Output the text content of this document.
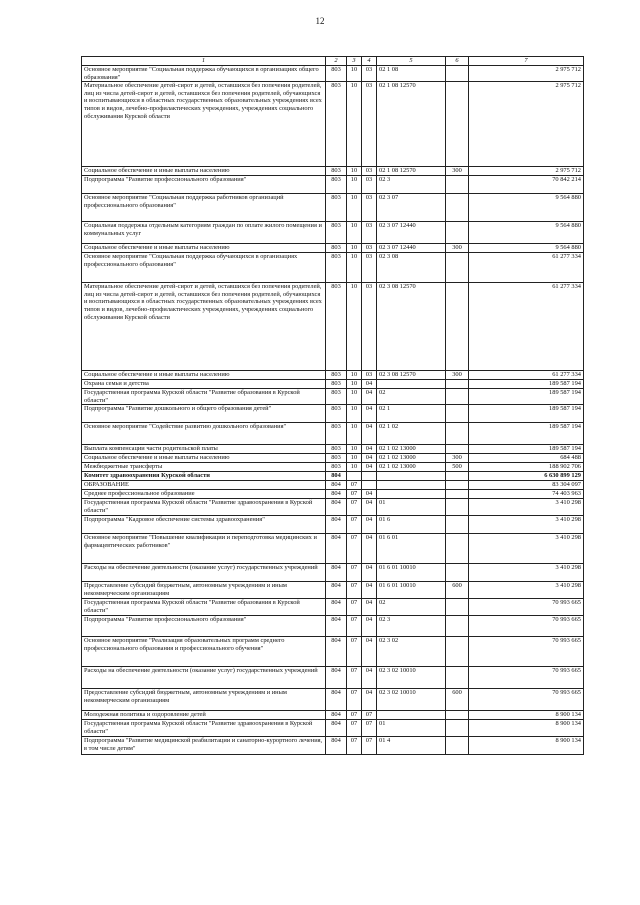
12
1	2	3	4	5	6	7
Основное мероприятие "Социальная поддержка обучающихся в организациях общего образования"	803	10	03	02 1 08		2 975 712
Материальное обеспечение детей-сирот и детей, оставшихся без попечения родителей, лиц из числа детей-сирот и детей, оставшихся без попечения родителей, обучающихся и воспитывающихся в областных государственных образовательных учреждениях всех типов и видов, лечебно-профилактических учреждениях, учреждениях социального обслуживания Курской области	803	10	03	02 1 08 12570		2 975 712
Социальное обеспечение и иные выплаты населению	803	10	03	02 1 08 12570	300	2 975 712
Подпрограмма "Развитие профессионального образования"	803	10	03	02 3		70 842 214
Основное мероприятие "Социальная поддержка работников организаций профессионального образования"	803	10	03	02 3 07		9 564 880
Социальная поддержка отдельным категориям граждан по оплате жилого помещения и коммунальных услуг	803	10	03	02 3 07 12440		9 564 880
Социальное обеспечение и иные выплаты населению	803	10	03	02 3 07 12440	300	9 564 880
Основное мероприятие "Социальная поддержка обучающихся в организациях профессионального образования"	803	10	03	02 3 08		61 277 334
Материальное обеспечение детей-сирот и детей, оставшихся без попечения родителей, лиц из числа детей-сирот и детей, оставшихся без попечения родителей, обучающихся и воспитывающихся в областных государственных образовательных учреждениях всех типов и видов, лечебно-профилактических учреждениях, учреждениях социального обслуживания Курской области	803	10	03	02 3 08 12570		61 277 334
Социальное обеспечение и иные выплаты населению	803	10	03	02 3 08 12570	300	61 277 334
Охрана семьи и детства	803	10	04			189 587 194
Государственная программа Курской области "Развитие образования в Курской области"	803	10	04	02		189 587 194
Подпрограмма "Развитие дошкольного и общего образования детей"	803	10	04	02 1		189 587 194
Основное мероприятие "Содействие развитию дошкольного образования"	803	10	04	02 1 02		189 587 194
Выплата компенсации части родительской платы	803	10	04	02 1 02 13000		189 587 194
Социальное обеспечение и иные выплаты населению	803	10	04	02 1 02 13000	300	684 488
Межбюджетные трансферты	803	10	04	02 1 02 13000	500	188 902 706
Комитет здравоохранения Курской области	804					6 630 899 129
ОБРАЗОВАНИЕ	804	07				83 304 097
Среднее профессиональное образование	804	07	04			74 403 963
Государственная программа Курской области "Развитие здравоохранения в Курской области"	804	07	04	01		3 410 298
Подпрограмма "Кадровое обеспечение системы здравоохранения"	804	07	04	01 6		3 410 298
Основное мероприятие "Повышение квалификации и переподготовка медицинских и фармацевтических работников"	804	07	04	01 6 01		3 410 298
Расходы на обеспечение деятельности (оказание услуг) государственных учреждений	804	07	04	01 6 01 10010		3 410 298
Предоставление субсидий бюджетным, автономным учреждениям и иным некоммерческим организациям	804	07	04	01 6 01 10010	600	3 410 298
Государственная программа Курской области "Развитие образования в Курской области"	804	07	04	02		70 993 665
Подпрограмма "Развитие профессионального образования"	804	07	04	02 3		70 993 665
Основное мероприятие "Реализация образовательных программ среднего профессионального образования и профессионального обучения"	804	07	04	02 3 02		70 993 665
Расходы на обеспечение деятельности (оказание услуг) государственных учреждений	804	07	04	02 3 02 10010		70 993 665
Предоставление субсидий бюджетным, автономным учреждениям и иным некоммерческим организациям	804	07	04	02 3 02 10010	600	70 993 665
Молодежная политика и оздоровление детей	804	07	07			8 900 134
Государственная программа Курской области "Развитие здравоохранения в Курской области"	804	07	07	01		8 900 134
Подпрограмма "Развитие медицинской реабилитации и санаторно-курортного лечения, в том числе детям"	804	07	07	01 4		8 900 134
